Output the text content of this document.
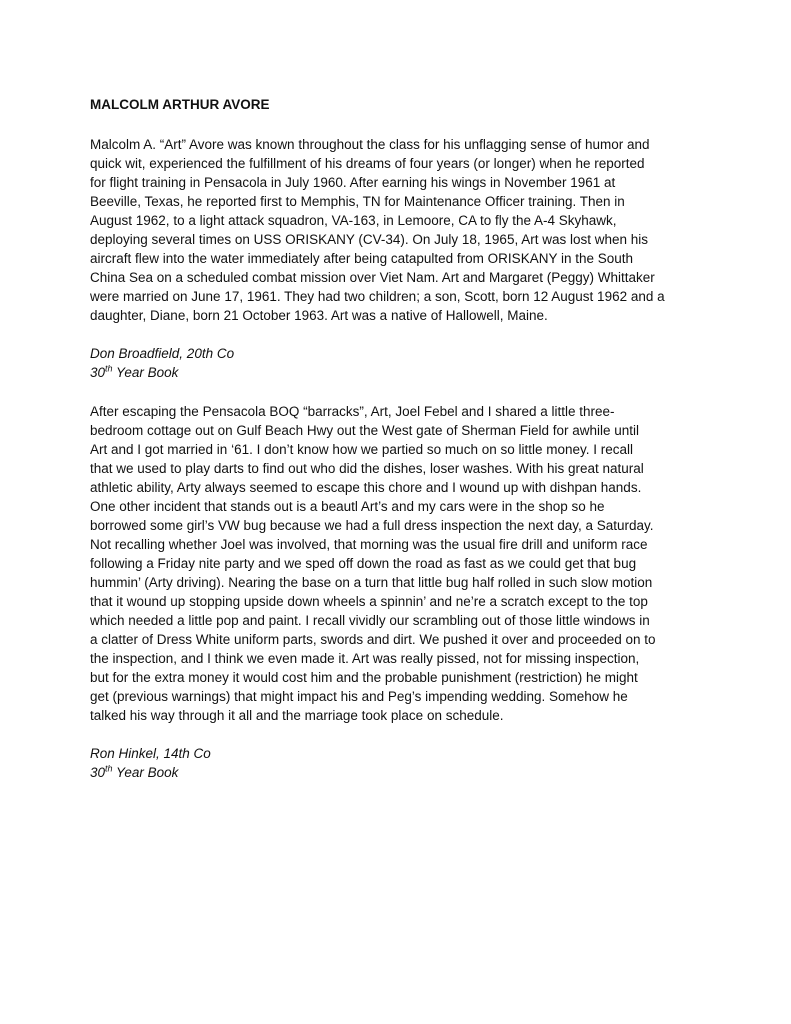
MALCOLM ARTHUR AVORE
Malcolm A. “Art” Avore was known throughout the class for his unflagging sense of humor and
quick wit, experienced the fulfillment of his dreams of four years (or longer) when he reported
for flight training in Pensacola in July 1960. After earning his wings in November 1961 at
Beeville, Texas, he reported first to Memphis, TN for Maintenance Officer training. Then in
August 1962, to a light attack squadron, VA-163, in Lemoore, CA to fly the A-4 Skyhawk,
deploying several times on USS ORISKANY (CV-34). On July 18, 1965, Art was lost when his
aircraft flew into the water immediately after being catapulted from ORISKANY in the South
China Sea on a scheduled combat mission over Viet Nam. Art and Margaret (Peggy) Whittaker
were married on June 17, 1961. They had two children; a son, Scott, born 12 August 1962 and a
daughter, Diane, born 21 October 1963. Art was a native of Hallowell, Maine.
Don Broadfield, 20th Co
30th Year Book
After escaping the Pensacola BOQ “barracks”, Art, Joel Febel and I shared a little three-
bedroom cottage out on Gulf Beach Hwy out the West gate of Sherman Field for awhile until
Art and I got married in ‘61. I don’t know how we partied so much on so little money. I recall
that we used to play darts to find out who did the dishes, loser washes. With his great natural
athletic ability, Arty always seemed to escape this chore and I wound up with dishpan hands.
One other incident that stands out is a beautl Art’s and my cars were in the shop so he
borrowed some girl’s VW bug because we had a full dress inspection the next day, a Saturday.
Not recalling whether Joel was involved, that morning was the usual fire drill and uniform race
following a Friday nite party and we sped off down the road as fast as we could get that bug
hummin’ (Arty driving). Nearing the base on a turn that little bug half rolled in such slow motion
that it wound up stopping upside down wheels a spinnin’ and ne’re a scratch except to the top
which needed a little pop and paint. I recall vividly our scrambling out of those little windows in
a clatter of Dress White uniform parts, swords and dirt. We pushed it over and proceeded on to
the inspection, and I think we even made it. Art was really pissed, not for missing inspection,
but for the extra money it would cost him and the probable punishment (restriction) he might
get (previous warnings) that might impact his and Peg’s impending wedding. Somehow he
talked his way through it all and the marriage took place on schedule.
Ron Hinkel, 14th Co
30th Year Book
